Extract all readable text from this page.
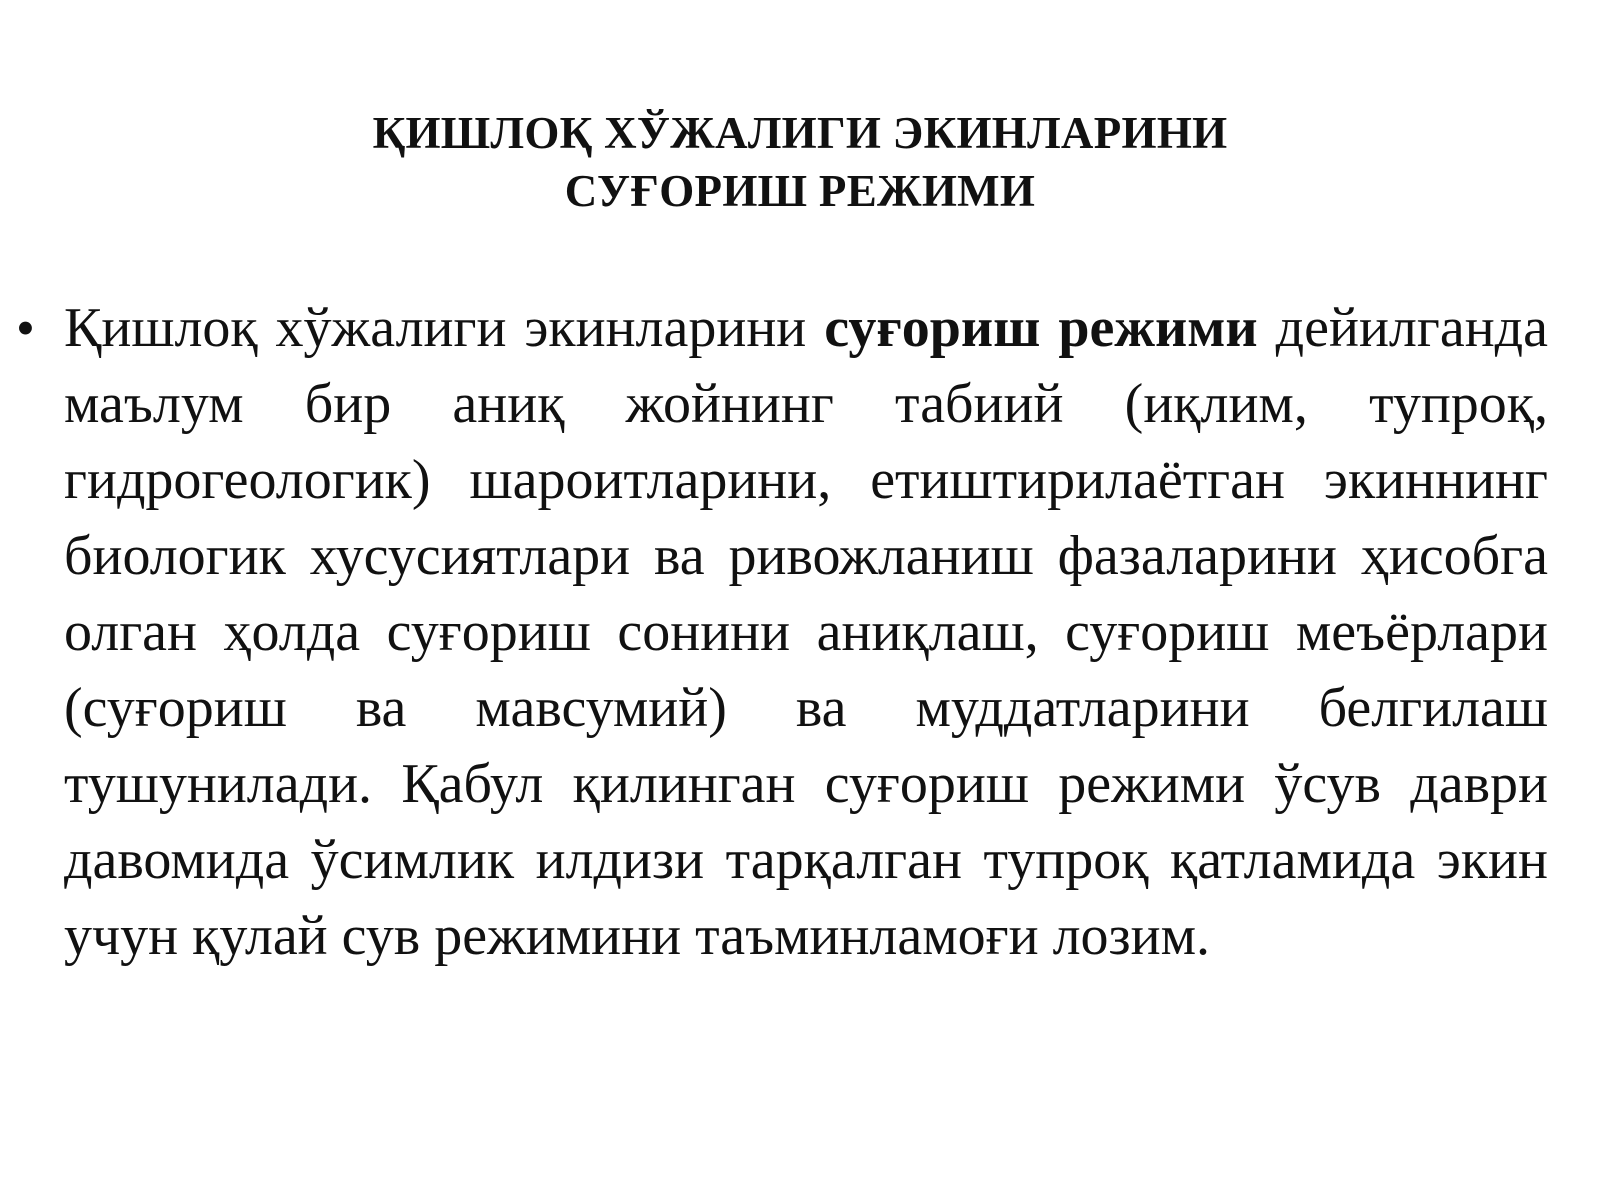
ҚИШЛОҚ ХЎЖАЛИГИ ЭКИНЛАРИНИ
СУҒОРИШ РЕЖИМИ
• Қишлоқ хўжалиги экинларини суғориш режими дейилганда маълум бир аниқ жойнинг табиий (иқлим, тупроқ, гидрогеологик) шароитларини, етиштирилаётган экиннинг биологик хусусиятлари ва ривожланиш фазаларини ҳисобга олган ҳолда суғориш сонини аниқлаш, суғориш меъёрлари (суғориш ва мавсумий) ва муддатларини белгилаш тушунилади. Қабул қилинган суғориш режими ўсув даври давомида ўсимлик илдизи тарқалган тупроқ қатламида экин учун қулай сув режимини таъминламоғи лозим.
